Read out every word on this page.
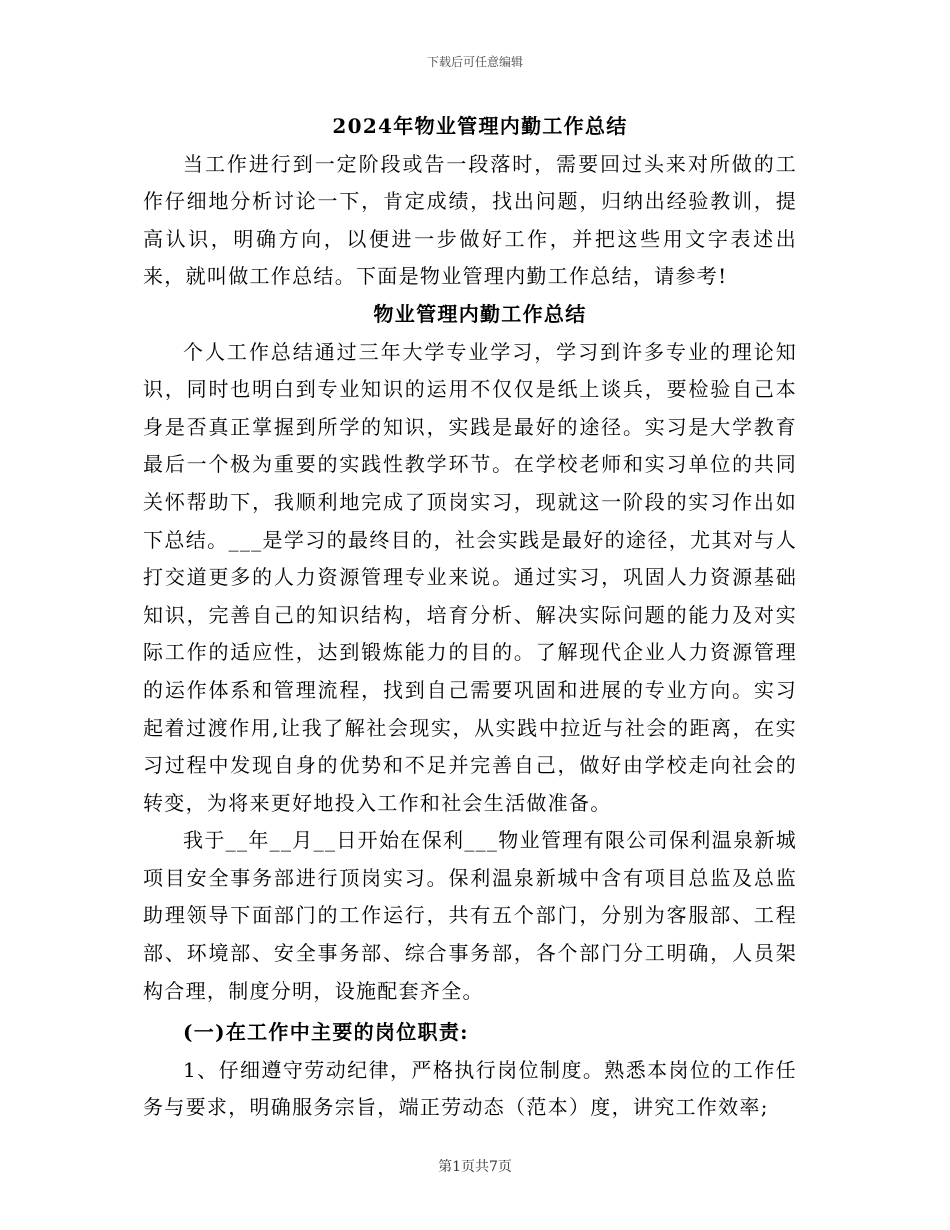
下载后可任意编辑

2024年物业管理内勤工作总结

当工作进行到一定阶段或告一段落时，需要回过头来对所做的工作仔细地分析讨论一下，肯定成绩，找出问题，归纳出经验教训，提高认识，明确方向，以便进一步做好工作，并把这些用文字表述出来，就叫做工作总结。下面是物业管理内勤工作总结，请参考!

物业管理内勤工作总结

个人工作总结通过三年大学专业学习，学习到许多专业的理论知识，同时也明白到专业知识的运用不仅仅是纸上谈兵，要检验自己本身是否真正掌握到所学的知识，实践是最好的途径。实习是大学教育最后一个极为重要的实践性教学环节。在学校老师和实习单位的共同关怀帮助下，我顺利地完成了顶岗实习，现就这一阶段的实习作出如下总结。___是学习的最终目的，社会实践是最好的途径，尤其对与人打交道更多的人力资源管理专业来说。通过实习，巩固人力资源基础知识，完善自己的知识结构，培育分析、解决实际问题的能力及对实际工作的适应性，达到锻炼能力的目的。了解现代企业人力资源管理的运作体系和管理流程，找到自己需要巩固和进展的专业方向。实习起着过渡作用,让我了解社会现实，从实践中拉近与社会的距离，在实习过程中发现自身的优势和不足并完善自己，做好由学校走向社会的转变，为将来更好地投入工作和社会生活做准备。

我于__年__月__日开始在保利___物业管理有限公司保利温泉新城项目安全事务部进行顶岗实习。保利温泉新城中含有项目总监及总监助理领导下面部门的工作运行，共有五个部门，分别为客服部、工程部、环境部、安全事务部、综合事务部，各个部门分工明确，人员架构合理，制度分明，设施配套齐全。

(一)在工作中主要的岗位职责:

1、仔细遵守劳动纪律，严格执行岗位制度。熟悉本岗位的工作任务与要求，明确服务宗旨，端正劳动态（范本）度，讲究工作效率;

第1页共7页
